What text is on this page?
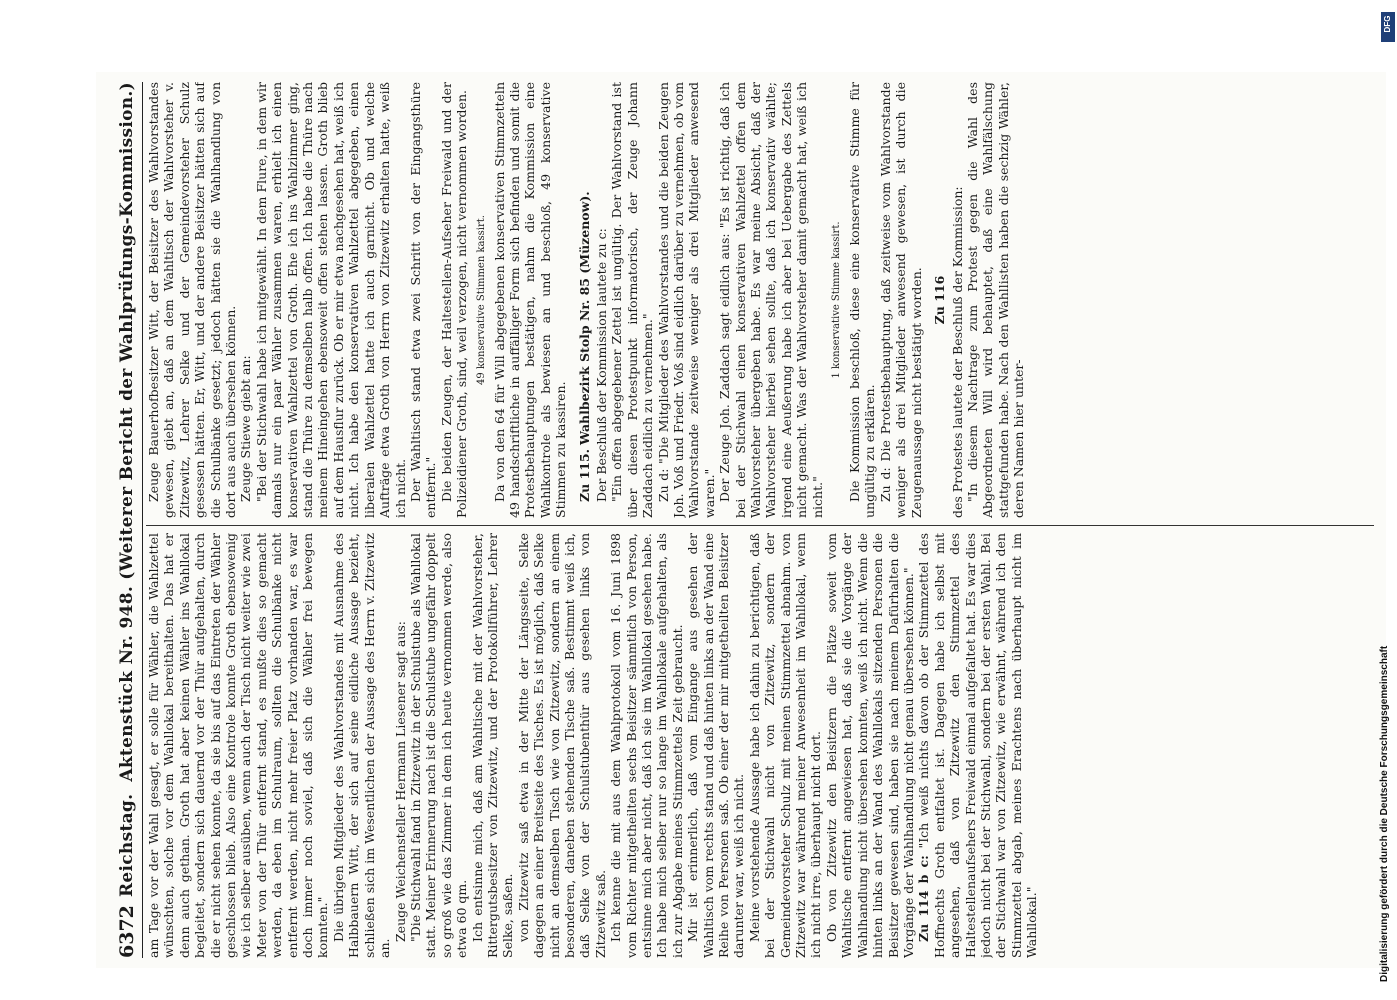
6372
Reichstag.
Aktenstück Nr. 948. (Weiterer Bericht der Wahlprüfungs-Kommission.) am Tage vor der Wahl gesagt, er solle für Wähler, die Wahlzettel wünschten, solche vor dem Wahllokal bereithalten. Das hat er denn auch gethan. Groth hat aber keinen Wähler ins Wahllokal begleitet, sondern sich dauernd vor der Thür aufgehalten, durch die er nicht sehen konnte, da sie bis auf das Eintreten der Wähler geschlossen blieb. Also eine Kontrole konnte Groth ebensowenig wie ich selber ausüben, wenn auch der Tisch nicht weiter wie zwei Meter von der Thür entfernt stand, es mußte dies so gemacht werden, da eben im Schulraum, sollten die Schulbänke nicht entfernt werden, nicht mehr freier Platz vorhanden war, es war doch immer noch soviel, daß sich die Wähler frei bewegen konnten." Die übrigen Mitglieder des Wahlvorstandes mit Ausnahme des Halbbauern Witt, der sich auf seine eidliche Aussage bezieht, schließen sich im Wesentlichen der Aussage des Herrn v. Zitzewitz an.

Zeuge Weichensteller Hermann Liesener sagt aus: "Die Stichwahl fand in Zitzewitz in der Schulstube als Wahllokal statt. Meiner Erinnerung nach ist die Schulstube ungefähr doppelt so groß wie das Zimmer in dem ich heute vernommen werde, also etwa 60 qm. Ich entsinne mich, daß am Wahltische mit der Wahlvorsteher, Rittergutsbesitzer von Zitzewitz, und der Protokollführer, Lehrer Selke, saßen. von Zitzewitz saß etwa in der Mitte der Längsseite, Selke dagegen an einer Breitseite des Tisches. Es ist möglich, daß Selke nicht an demselben Tisch wie von Zitzewitz, sondern an einem besonderen, daneben stehenden Tische saß. Bestimmt weiß ich, daß Selke von der Schulstubenthür aus gesehen links von Zitzewitz saß. Ich kenne die mit aus dem Wahlprotokoll vom 16. Juni 1898 vom Richter mitgetheilten sechs Beisitzer sämmtlich von Person, entsinne mich aber nicht, daß ich sie im Wahllokal gesehen habe. Ich habe mich selber nur so lange im Wahllokale aufgehalten, als ich zur Abgabe meines Stimmzettels Zeit gebraucht. Mir ist erinnerlich, daß vom Eingange aus gesehen der Wahltisch vom rechts stand und daß hinten links an der Wand eine Reihe von Personen saß. Ob einer der mir mitgetheilten Beisitzer darunter war, weiß ich nicht. Meine vorstehende Aussage habe ich dahin zu berichtigen, daß bei der Stichwahl nicht von Zitzewitz, sondern der Gemeindevorsteher Schulz mit meinen Stimmzettel abnahm. von Zitzewitz war während meiner Anwesenheit im Wahllokal, wenn ich nicht irre, überhaupt nicht dort. Ob von Zitzewitz den Beisitzern die Plätze soweit vom Wahltische entfernt angewiesen hat, daß sie die Vorgänge der Wahlhandlung nicht übersehen konnten, weiß ich nicht. Wenn die hinten links an der Wand des Wahllokals sitzenden Personen die Beisitzer gewesen sind, haben sie nach meinem Dafürhalten die Vorgänge der Wahlhandlung nicht genau übersehen können." Zu 114 b c: "Ich weiß nichts davon ob der Stimmzettel des Hoffnechts Groth entfaltet ist. Dagegen habe ich selbst mit angesehen, daß von Zitzewitz den Stimmzettel des Haltestellenaufsehers Freiwald einmal aufgefaltet hat. Es war dies jedoch nicht bei der Stichwahl, sondern bei der ersten Wahl. Bei der Stichwahl war von Zitzewitz, wie erwähnt, während ich den Stimmzettel abgab, meines Erachtens nach überhaupt nicht im Wahllokal."

Zeuge Bauerhofbesitzer Witt, der Beisitzer des Wahlvorstandes gewesen, giebt an, daß an dem Wahltisch der Wahlvorsteher v. Zitzewitz, Lehrer Selke und der Gemeindevorsteher Schulz gesessen hätten. Er, Witt, und der andere Beisitzer hätten sich auf die Schulbänke gesetzt; jedoch hätten sie die Wahlhandlung von dort aus auch übersehen können. Zeuge Stiewe giebt an: "Bei der Stichwahl habe ich mitgewählt. In dem Flure, in dem wir damals nur ein paar Wähler zusammen waren, erhielt ich einen konservativen Wahlzettel von Groth. Ehe ich ins Wahlzimmer ging, stand die Thüre zu demselben halb offen. Ich habe die Thüre nach meinem Hineingehen ebensoweit offen stehen lassen. Groth blieb auf dem Hausflur zurück. Ob er mir etwa nachgesehen hat, weiß ich nicht. Ich habe den konservativen Wahlzettel abgegeben, einen liberalen Wahlzettel hatte ich auch garnicht. Ob und welche Aufträge etwa Groth von Herrn von Zitzewitz erhalten hatte, weiß ich nicht. Der Wahltisch stand etwa zwei Schritt von der Eingangsthüre entfernt." Die beiden Zeugen, der Haltestellen-Aufseher Freiwald und der Polizeidiener Groth, sind, weil verzogen, nicht vernommen worden. 49 konservative Stimmen kassirt. Da von den 64 für Will abgegebenen konservativen Stimmzetteln 49 handschriftliche in auffälliger Form sich befinden und somit die Protestbehauptungen bestätigen, nahm die Kommission eine Wahlkontrole als bewiesen an und beschloß, 49 konservative Stimmen zu kassiren. Zu 115. Wahlbezirk Stolp Nr. 85 (Müzenow). Der Beschluß der Kommission lautete zu c: "Ein offen abgegebener Zettel ist ungültig. Der Wahlvorstand ist über diesen Protestpunkt informatorisch, der Zeuge Johann Zaddach eidlich zu vernehmen." Zu d: "Die Mitglieder des Wahlvorstandes und die beiden Zeugen Joh. Voß und Friedr. Voß sind eidlich darüber zu vernehmen, ob vom Wahlvorstande zeitweise weniger als drei Mitglieder anwesend waren." Der Zeuge Joh. Zaddach sagt eidlich aus: "Es ist richtig, daß ich bei der Stichwahl einen konservativen Wahlzettel offen dem Wahlvorsteher übergeben habe. Es war meine Absicht, daß der Wahlvorsteher hierbei sehen sollte, daß ich konservativ wählte; irgend eine Aeußerung habe ich aber bei Uebergabe des Zettels nicht gemacht. Was der Wahlvorsteher damit gemacht hat, weiß ich nicht."

1 konservative Stimme kassirt. Die Kommission beschloß, diese eine konservative Stimme für ungültig zu erklären. Zu d: Die Protestbehauptung, daß zeitweise vom Wahlvorstande weniger als drei Mitglieder anwesend gewesen, ist durch die Zeugenaussage nicht bestätigt worden. Zu 116 des Protestes lautete der Beschluß der Kommission: "In diesem Nachtrage zum Protest gegen die Wahl des Abgeordneten Will wird behauptet, daß eine Wahlfälschung stattgefunden habe. Nach den Wahllisten haben die sechzig Wähler, deren Namen hier unter-

Digitalisierung gefördert durch die Deutsche Forschungsgemeinschaft
DFG
